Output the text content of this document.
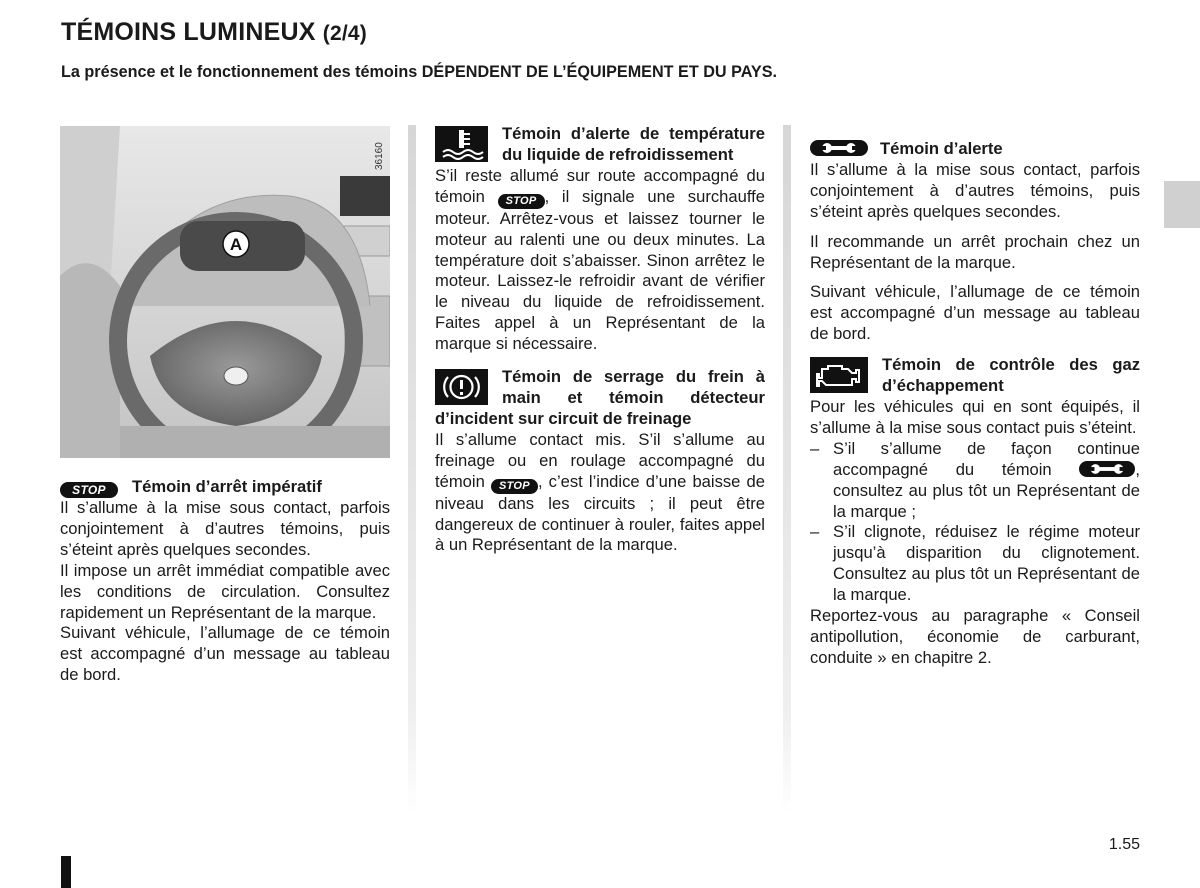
TÉMOINS LUMINEUX (2/4)
La présence et le fonctionnement des témoins DÉPENDENT DE L’ÉQUIPEMENT ET DU PAYS.
A
36160

STOP Témoin d’arrêt impératif

Il s’allume à la mise sous contact, parfois conjointement à d’autres témoins, puis s’éteint après quelques secondes.

Il impose un arrêt immédiat compatible avec les conditions de circulation. Consultez rapidement un Représentant de la marque.

Suivant véhicule, l’allumage de ce témoin est accompagné d’un message au tableau de bord.

Témoin d’alerte de température du liquide de refroidissement

S’il reste allumé sur route accompagné du témoin STOP , il signale une surchauffe moteur. Arrêtez-vous et laissez tourner le moteur au ralenti une ou deux minutes. La température doit s’abaisser. Sinon arrêtez le moteur. Laissez-le refroidir avant de vérifier le niveau du liquide de refroidissement. Faites appel à un Représentant de la marque si nécessaire.

Témoin de serrage du frein à main et témoin détecteur d’incident sur circuit de freinage

Il s’allume contact mis. S’il s’allume au freinage ou en roulage accompagné du témoin STOP , c’est l’indice d’une baisse de niveau dans les circuits ; il peut être dangereux de continuer à rouler, faites appel à un Représentant de la marque.

Témoin d’alerte

Il s’allume à la mise sous contact, parfois conjointement à d’autres témoins, puis s’éteint après quelques secondes.

Il recommande un arrêt prochain chez un Représentant de la marque.

Suivant véhicule, l’allumage de ce témoin est accompagné d’un message au tableau de bord.

Témoin de contrôle des gaz d’échappement

Pour les véhicules qui en sont équipés, il s’allume à la mise sous contact puis s’éteint.

– S’il s’allume de façon continue accompagné du témoin	, consultez au plus tôt un Représentant de la marque ;

– S’il clignote, réduisez le régime moteur jusqu’à disparition du clignotement. Consultez au plus tôt un Représentant de la marque.

Reportez-vous au paragraphe « Conseil antipollution, économie de carburant, conduite » en chapitre 2.

1.55
